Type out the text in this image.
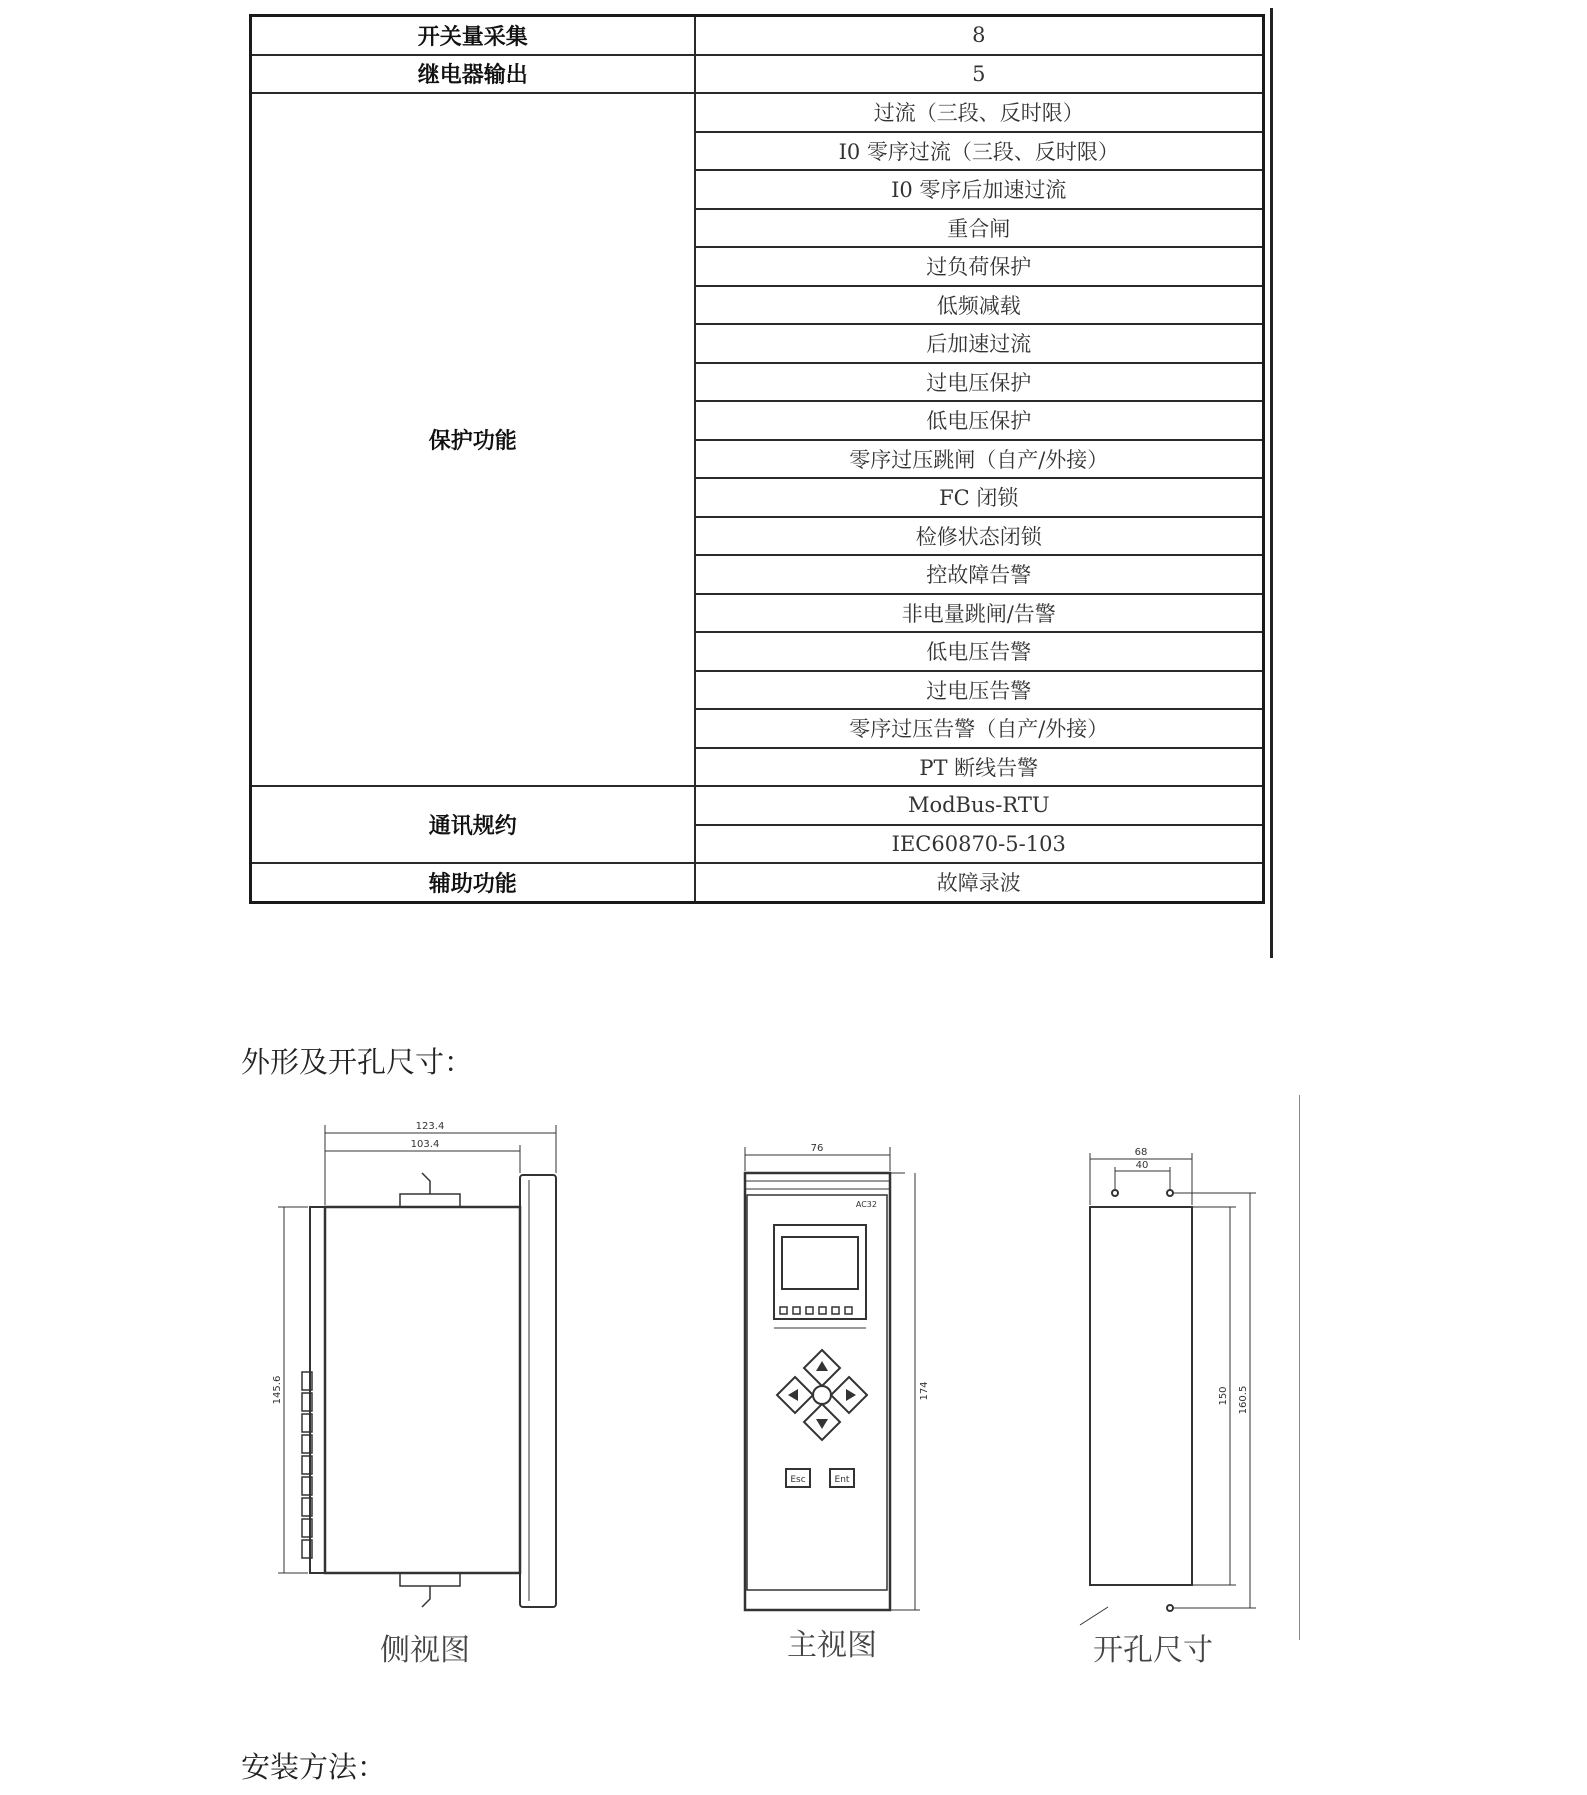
开关量采集	8
继电器输出	5
保护功能	过流（三段、反时限）
	I0 零序过流（三段、反时限）
	I0 零序后加速过流
	重合闸
	过负荷保护
	低频减载
	后加速过流
	过电压保护
	低电压保护
	零序过压跳闸（自产/外接）
	FC 闭锁
	检修状态闭锁
	控故障告警
	非电量跳闸/告警
	低电压告警
	过电压告警
	零序过压告警（自产/外接）
	PT 断线告警
通讯规约	ModBus-RTU
	IEC60870-5-103
辅助功能	故障录波
外形及开孔尺寸：
123.4
103.4
145.6
76
174
AC32
Esc	Ent
68
40
150 160.5
侧视图	主视图	开孔尺寸
安装方法：
